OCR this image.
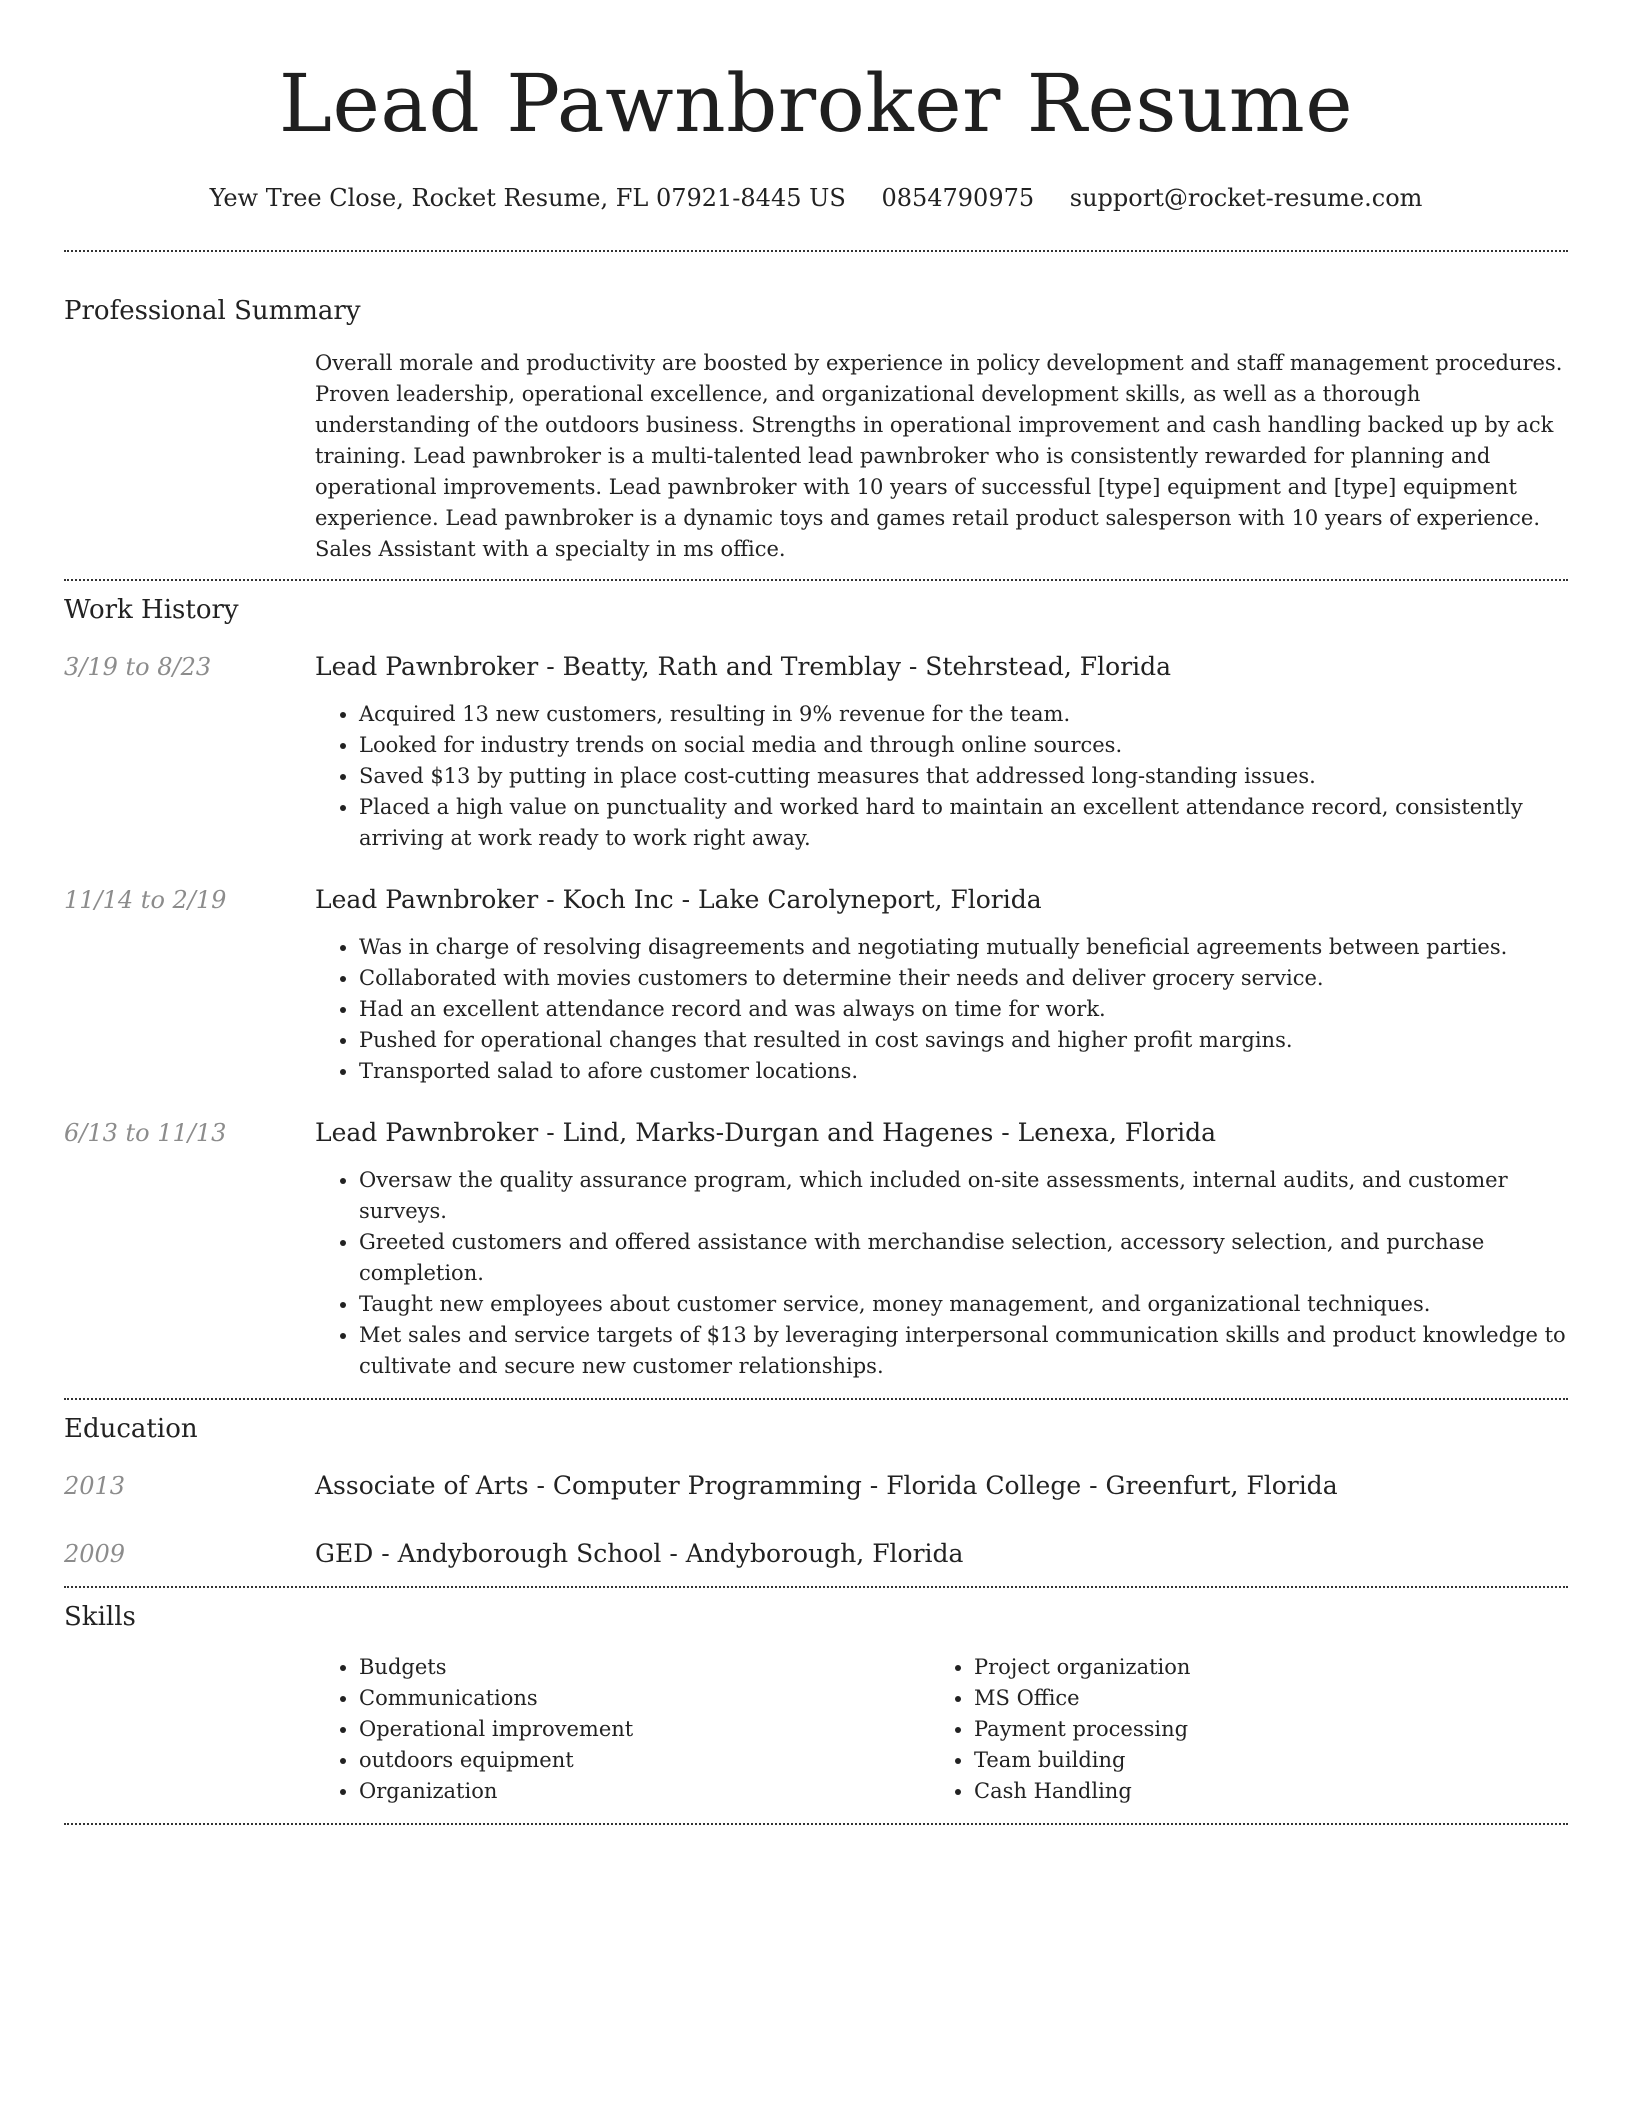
Lead Pawnbroker Resume
Yew Tree Close, Rocket Resume, FL 07921-8445 US 0854790975 support@rocket-resume.com
Professional Summary

Overall morale and productivity are boosted by experience in policy development and staff management procedures. Proven leadership, operational excellence, and organizational development skills, as well as a thorough understanding of the outdoors business. Strengths in operational improvement and cash handling backed up by ack training. Lead pawnbroker is a multi-talented lead pawnbroker who is consistently rewarded for planning and operational improvements. Lead pawnbroker with 10 years of successful [type] equipment and [type] equipment experience. Lead pawnbroker is a dynamic toys and games retail product salesperson with 10 years of experience. Sales Assistant with a specialty in ms office.

Work History
3/19 to 8/23	Lead Pawnbroker - Beatty, Rath and Tremblay - Stehrstead, Florida
• Acquired 13 new customers, resulting in 9% revenue for the team.
• Looked for industry trends on social media and through online sources.
• Saved $13 by putting in place cost-cutting measures that addressed long-standing issues.
• Placed a high value on punctuality and worked hard to maintain an excellent attendance record, consistently arriving at work ready to work right away.
11/14 to 2/19	Lead Pawnbroker - Koch Inc - Lake Carolyneport, Florida
• Was in charge of resolving disagreements and negotiating mutually beneficial agreements between parties.
• Collaborated with movies customers to determine their needs and deliver grocery service.
• Had an excellent attendance record and was always on time for work.
• Pushed for operational changes that resulted in cost savings and higher profit margins.
• Transported salad to afore customer locations.
6/13 to 11/13	Lead Pawnbroker - Lind, Marks-Durgan and Hagenes - Lenexa, Florida
• Oversaw the quality assurance program, which included on-site assessments, internal audits, and customer surveys.
• Greeted customers and offered assistance with merchandise selection, accessory selection, and purchase completion.
• Taught new employees about customer service, money management, and organizational techniques.
• Met sales and service targets of $13 by leveraging interpersonal communication skills and product knowledge to cultivate and secure new customer relationships.
Education
2013	Associate of Arts - Computer Programming - Florida College - Greenfurt, Florida
2009	GED - Andyborough School - Andyborough, Florida
Skills
• Budgets
• Communications
• Operational improvement
• outdoors equipment
• Organization
• Project organization
• MS Office
• Payment processing
• Team building
• Cash Handling
